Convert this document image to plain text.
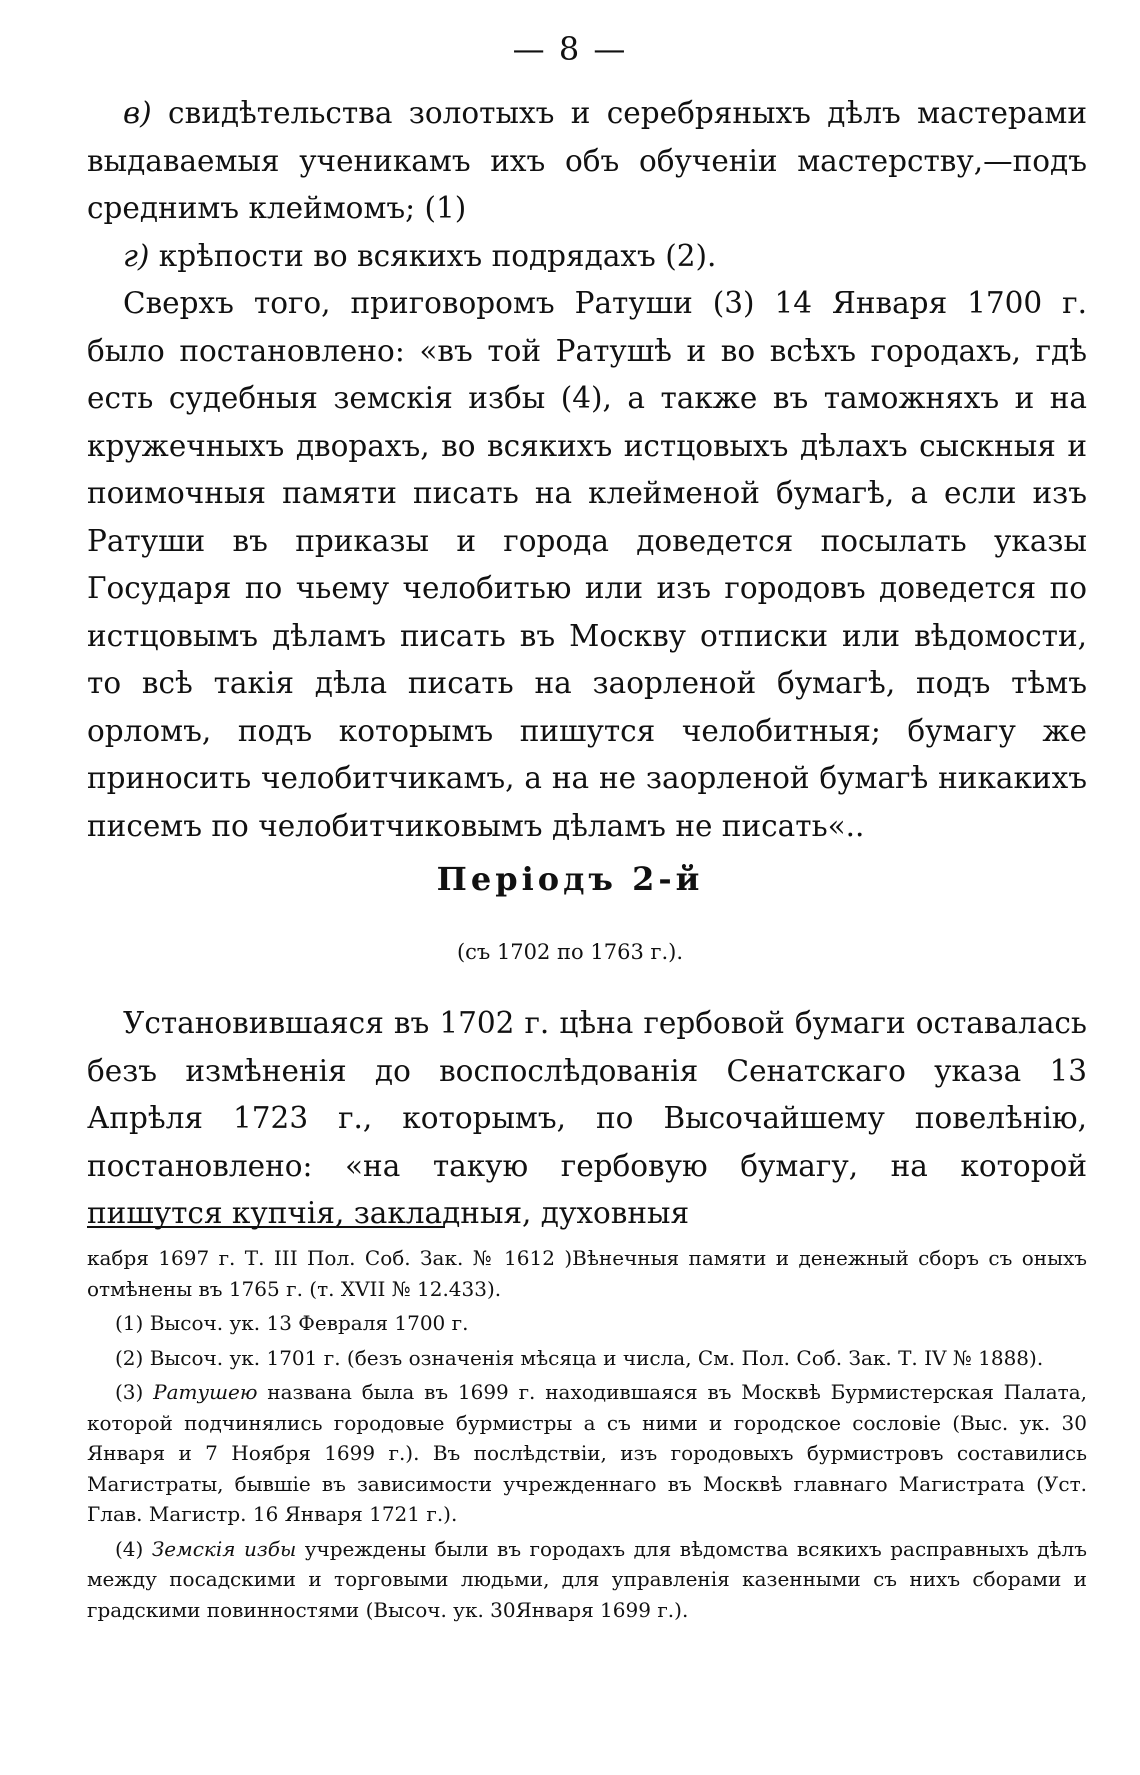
— 8 —

в) свидѣтельства золотыхъ и серебряныхъ дѣлъ мастерами выдаваемыя ученикамъ ихъ объ обученіи мастерству,—подъ среднимъ клеймомъ; (1)

г) крѣпости во всякихъ подрядахъ (2).

Сверхъ того, приговоромъ Ратуши (3) 14 Января 1700 г. было постановлено: «въ той Ратушѣ и во всѣхъ городахъ, гдѣ есть судебныя земскія избы (4), а также въ таможняхъ и на кружечныхъ дворахъ, во всякихъ истцовыхъ дѣлахъ сыскныя и поимочныя памяти писать на клейменой бумагѣ, а если изъ Ратуши въ приказы и города доведется посылать указы Государя по чьему челобитью или изъ городовъ доведется по истцовымъ дѣламъ писать въ Москву отписки или вѣдомости, то всѣ такія дѣла писать на заорленой бумагѣ, подъ тѣмъ орломъ, подъ которымъ пишутся челобитныя; бумагу же приносить челобитчикамъ, а на не заорленой бумагѣ никакихъ писемъ по челобитчиковымъ дѣламъ не писать«..

Періодъ 2-й
(съ 1702 по 1763 г.).

Установившаяся въ 1702 г. цѣна гербовой бумаги оставалась безъ измѣненія до воспослѣдованія Сенатскаго указа 13 Апрѣля 1723 г., которымъ, по Высочайшему повелѣнію, постановлено: «на такую гербовую бумагу, на которой пишутся купчія, закладныя, духовныя

кабря 1697 г. Т. III Пол. Соб. Зак. № 1612 )Вѣнечныя памяти и денежный сборъ съ оныхъ отмѣнены въ 1765 г. (т. XVII № 12.433).

(1) Высоч. ук. 13 Февраля 1700 г.

(2) Высоч. ук. 1701 г. (безъ означенія мѣсяца и числа, См. Пол. Соб. Зак. Т. IV № 1888).

(3) Ратушею названа была въ 1699 г. находившаяся въ Москвѣ Бурмистерская Палата, которой подчинялись городовые бурмистры а съ ними и городское сословіе (Выс. ук. 30 Января и 7 Ноября 1699 г.). Въ послѣдствіи, изъ городовыхъ бурмистровъ составились Магистраты, бывшіе въ зависимости учрежденнаго въ Москвѣ главнаго Магистрата (Уст. Глав. Магистр. 16 Января 1721 г.).

(4) Земскія избы учреждены были въ городахъ для вѣдомства всякихъ расправныхъ дѣлъ между посадскими и торговыми людьми, для управленія казенными съ нихъ сборами и градскими повинностями (Высоч. ук. 30Января 1699 г.).
